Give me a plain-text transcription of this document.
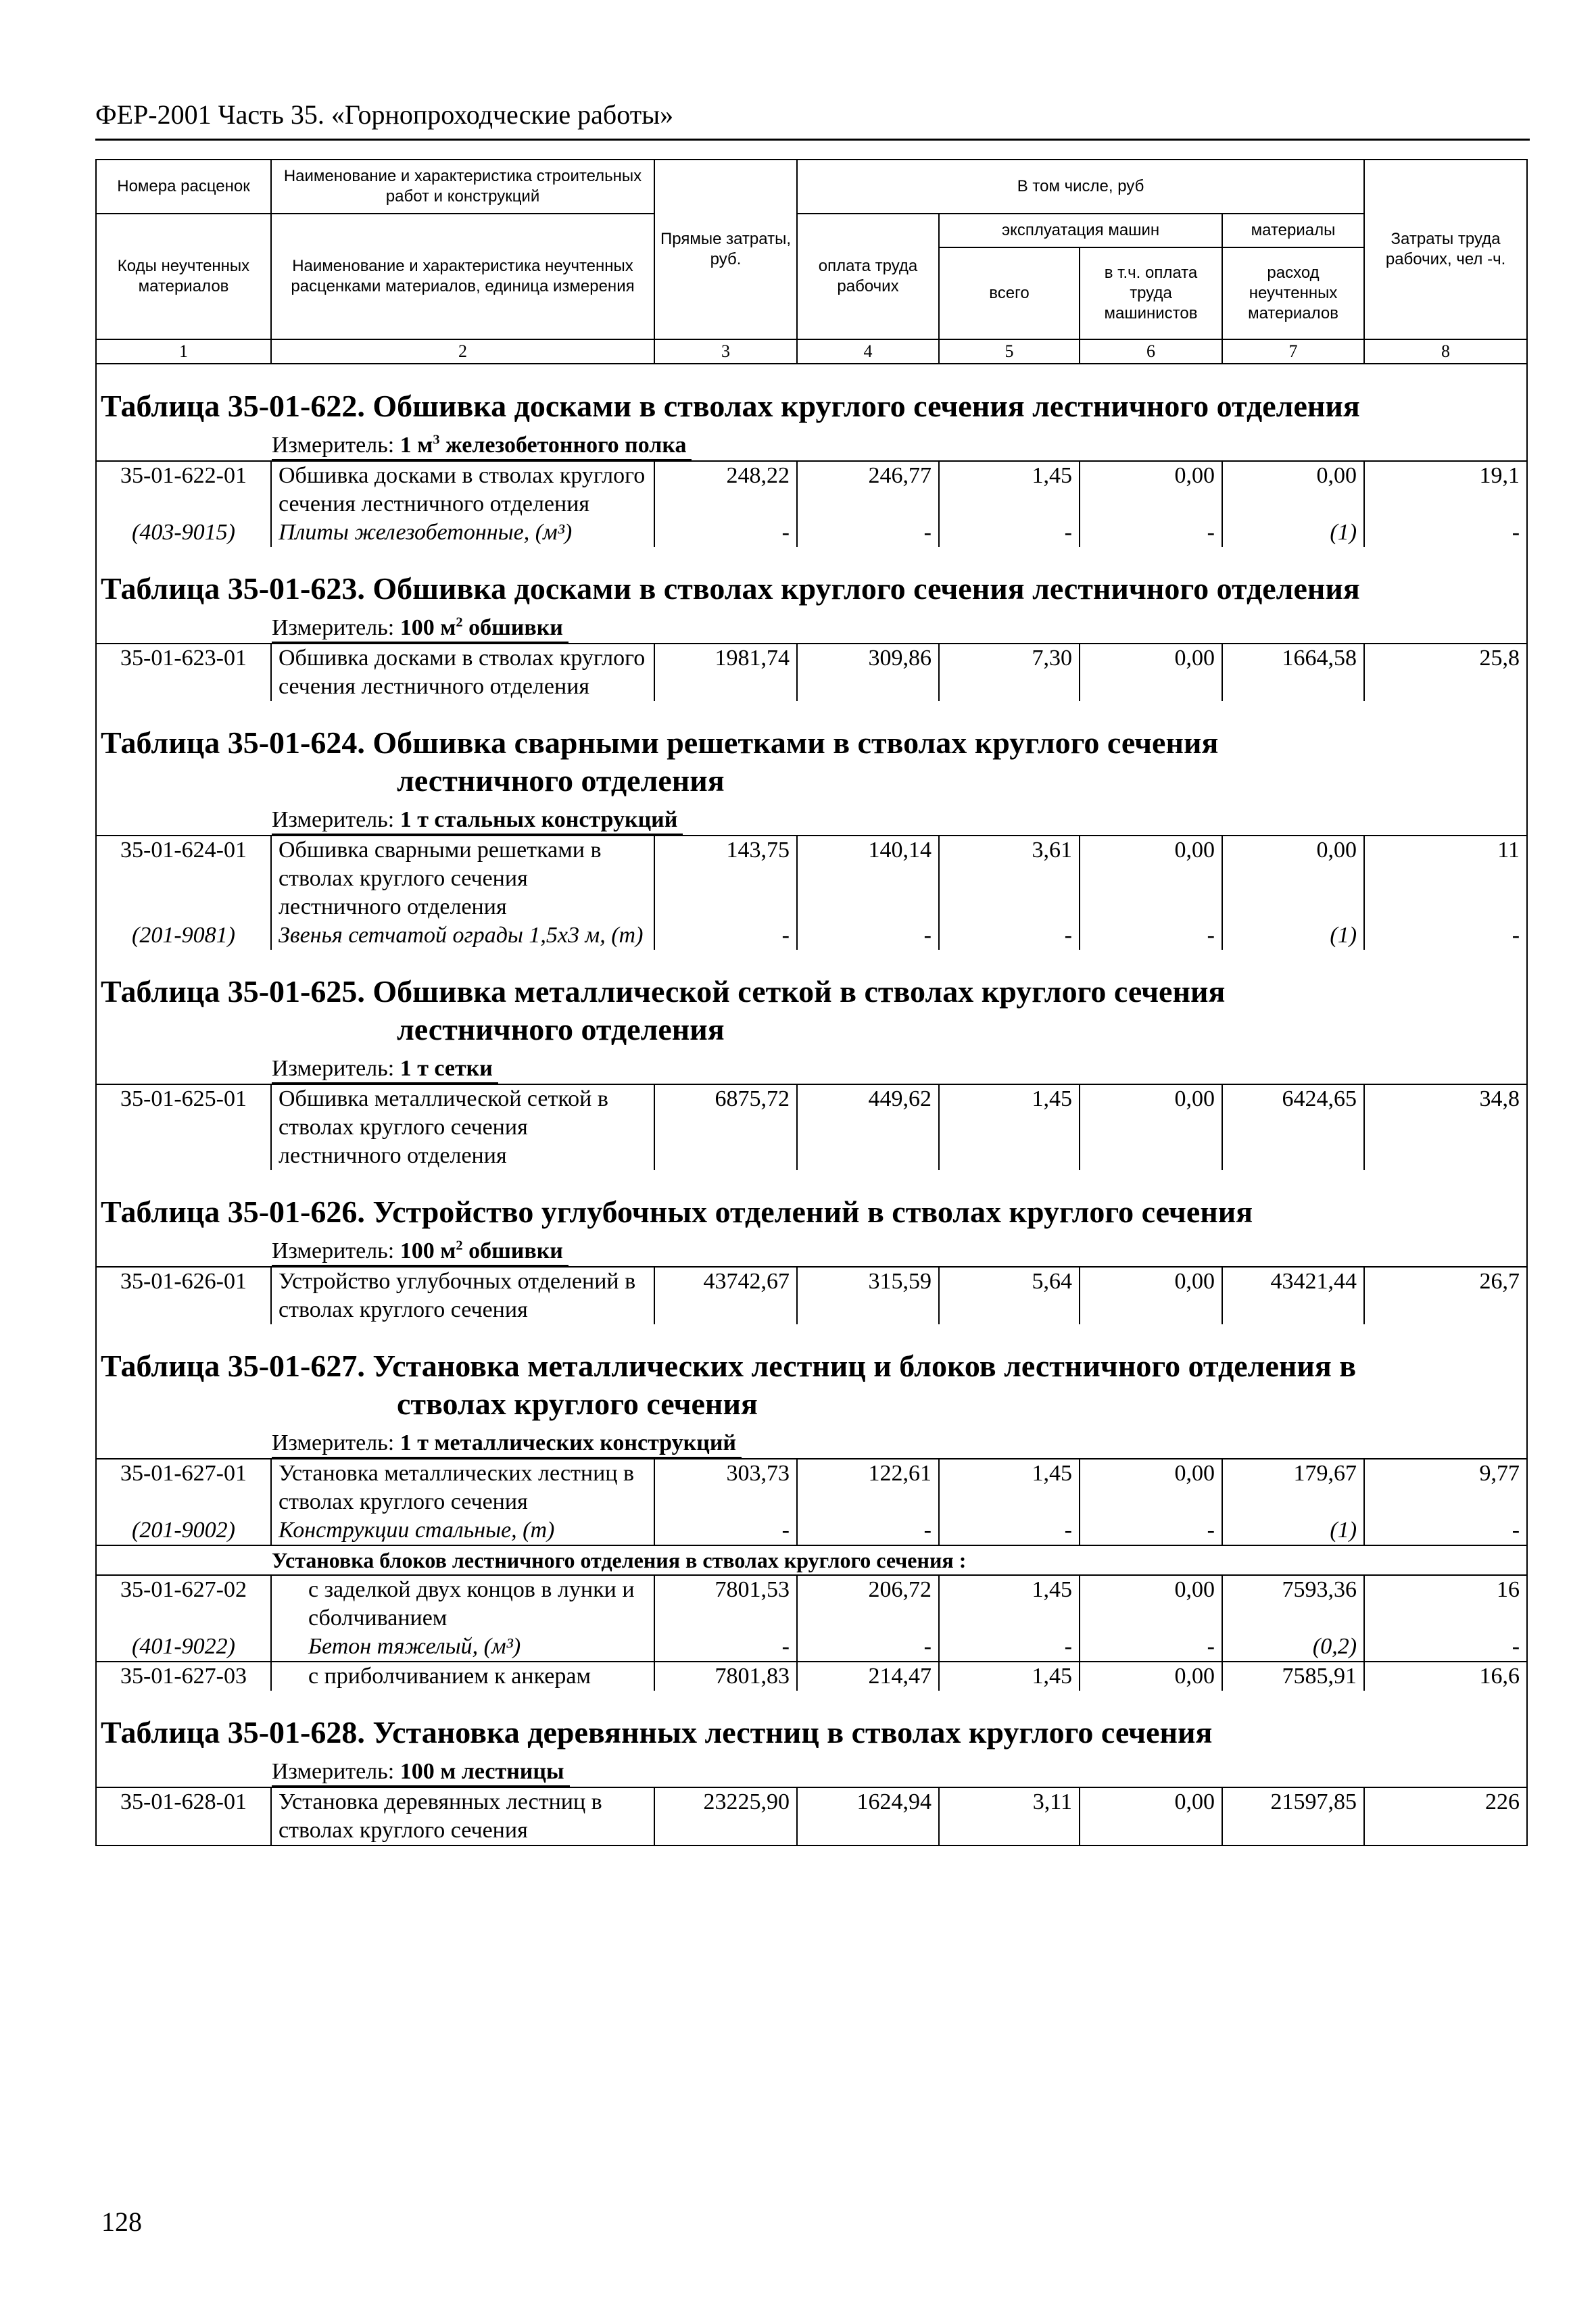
ФЕР-2001 Часть 35. «Горнопроходческие работы»
Номера расценок	Наименование и характеристика строительных работ и конструкций	Прямые затраты, руб.	В том числе, руб				Затраты труда рабочих, чел -ч.
Коды неучтенных материалов	Наименование и характеристика неучтенных расценками материалов, единица измерения		оплата труда рабочих	эксплуатация машин		материалы	
				всего	в т.ч. оплата труда машинистов	расход неучтенных материалов	
1	2	3	4	5	6	7	8
Таблица 35-01-622. Обшивка досками в стволах круглого сечения лестничного отделения							
Измеритель: 1 $м^3$ железобетонного полка							
35-01-622-01	Обшивка досками в стволах круглого сечения лестничного отделения	248,22	246,77	1,45	0,00	0,00	19,1
(403-9015)	Плиты железобетонные, (м³)	-	-	-	-	(1)	-
Таблица 35-01-623. Обшивка досками в стволах круглого сечения лестничного отделения							
Измеритель: 100 $м^2$ обшивки							
35-01-623-01	Обшивка досками в стволах круглого сечения лестничного отделения	1981,74	309,86	7,30	0,00	1664,58	25,8
Таблица 35-01-624. Обшивка сварными решетками в стволах круглого сечения
лестничного отделения							

Измеритель: 1 т стальных конструкций							
35-01-624-01	Обшивка сварными решетками в стволах круглого сечения лестничного отделения	143,75	140,14	3,61	0,00	0,00	11
(201-9081)	Звенья сетчатой ограды 1,5x3 м, (т)	-	-	-	-	(1)	-
Таблица 35-01-625. Обшивка металлической сеткой в стволах круглого сечения
лестничного отделения							

Измеритель: 1 т сетки							
35-01-625-01	Обшивка металлической сеткой в стволах круглого сечения лестничного отделения	6875,72	449,62	1,45	0,00	6424,65	34,8
Таблица 35-01-626. Устройство углубочных отделений в стволах круглого сечения							
Измеритель: 100 $м^2$ обшивки							
35-01-626-01	Устройство углубочных отделений в стволах круглого сечения	43742,67	315,59	5,64	0,00	43421,44	26,7
Таблица 35-01-627. Установка металлических лестниц и блоков лестничного отделения в
стволах круглого сечения							

Измеритель: 1 т металлических конструкций							
35-01-627-01	Установка металлических лестниц в стволах круглого сечения	303,73	122,61	1,45	0,00	179,67	9,77
(201-9002)	Конструкции стальные, (т)	-	-	-	-	(1)	-
Установка блоков лестничного отделения в стволах круглого сечения :							
35-01-627-02	с заделкой двух концов в лунки и сболчиванием	7801,53	206,72	1,45	0,00	7593,36	16
(401-9022)	Бетон тяжелый, (м³)	-	-	-	-	(0,2)	-
35-01-627-03	с приболчиванием к анкерам	7801,83	214,47	1,45	0,00	7585,91	16,6
Таблица 35-01-628. Установка деревянных лестниц в стволах круглого сечения							
Измеритель: 100 м лестницы							
35-01-628-01	Установка деревянных лестниц в стволах круглого сечения	23225,90	1624,94	3,11	0,00	21597,85	226
128
